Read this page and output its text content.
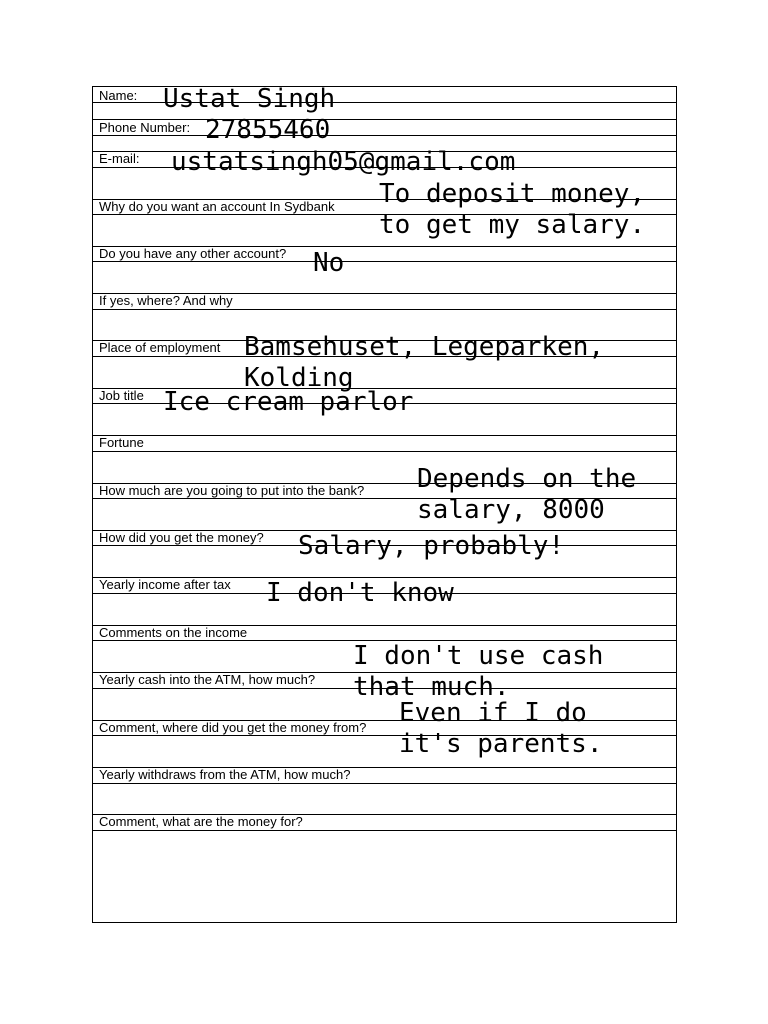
Name:
Phone Number:
E-mail:
Why do you want an account In Sydbank
Do you have any other account?
If yes, where? And why
Place of employment
Job title
Fortune
How much are you going to put into the bank?
How did you get the money?
Yearly income after tax
Comments on the income
Yearly cash into the ATM, how much?
Comment, where did you get the money from?
Yearly withdraws from the ATM, how much?
Comment, what are the money for?
Ustat Singh
27855460
ustatsingh05@gmail.com
To deposit money,
to get my salary.
No
Bamsehuset, Legeparken,
Kolding
Ice cream parlor
Depends on the
salary, 8000
Salary, probably!
I don't know
I don't use cash
that much.
Even if I do
it's parents.
